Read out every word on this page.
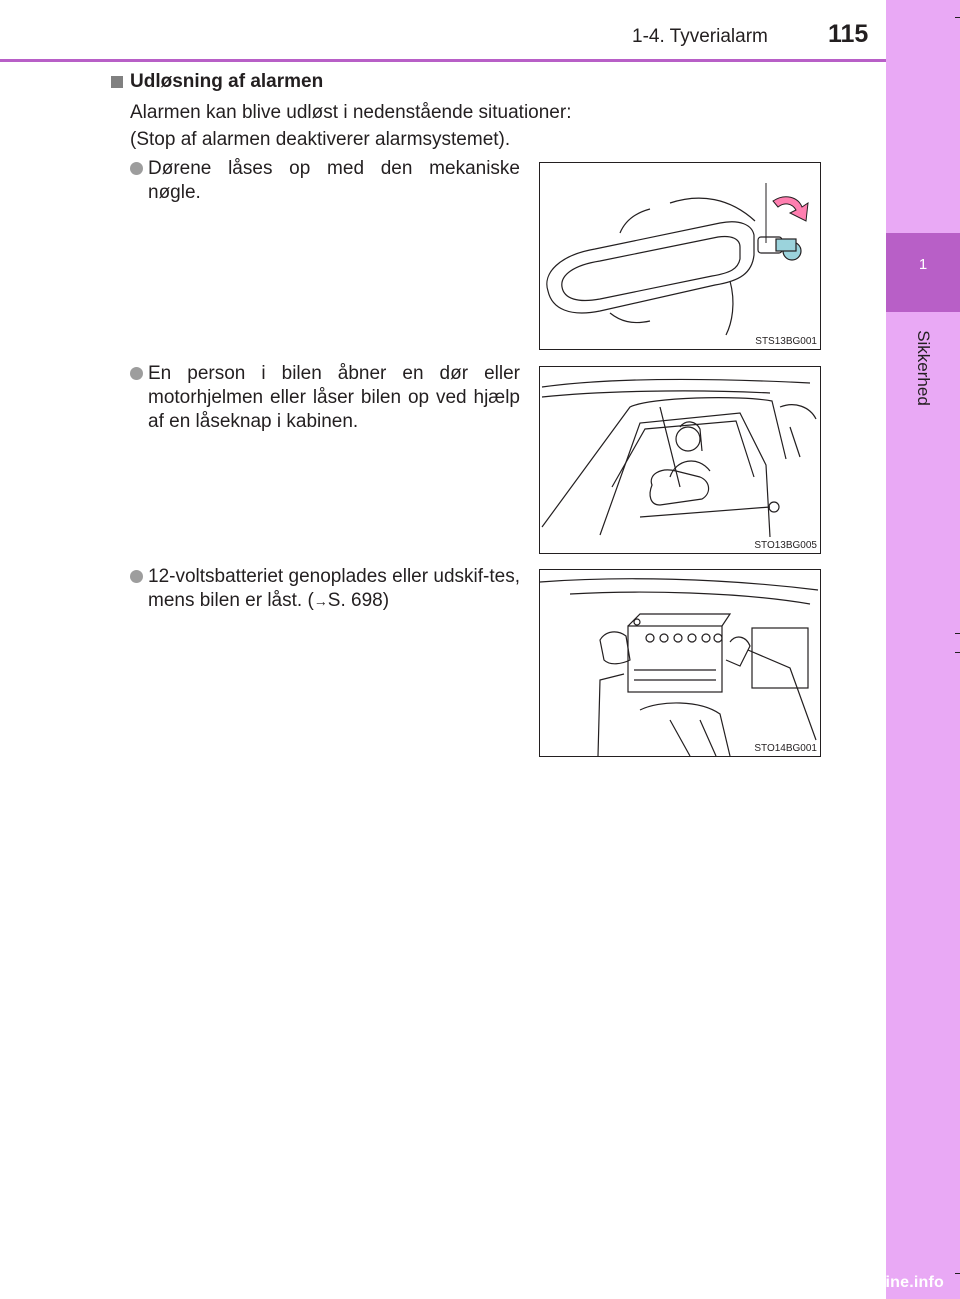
1
Sikkerhed
1-4. Tyverialarm 115
Udløsning af alarmen
Alarmen kan blive udløst i nedenstående situationer:
(Stop af alarmen deaktiverer alarmsystemet).
Dørene låses op med den mekaniske nøgle.
STS13BG001
En person i bilen åbner en dør eller motorhjelmen eller låser bilen op ved hjælp af en låseknap i kabinen.
STO13BG005
12-voltsbatteriet genoplades eller udskif-tes, mens bilen er låst. (→S. 698)
STO14BG001
carmanualsonline.info
